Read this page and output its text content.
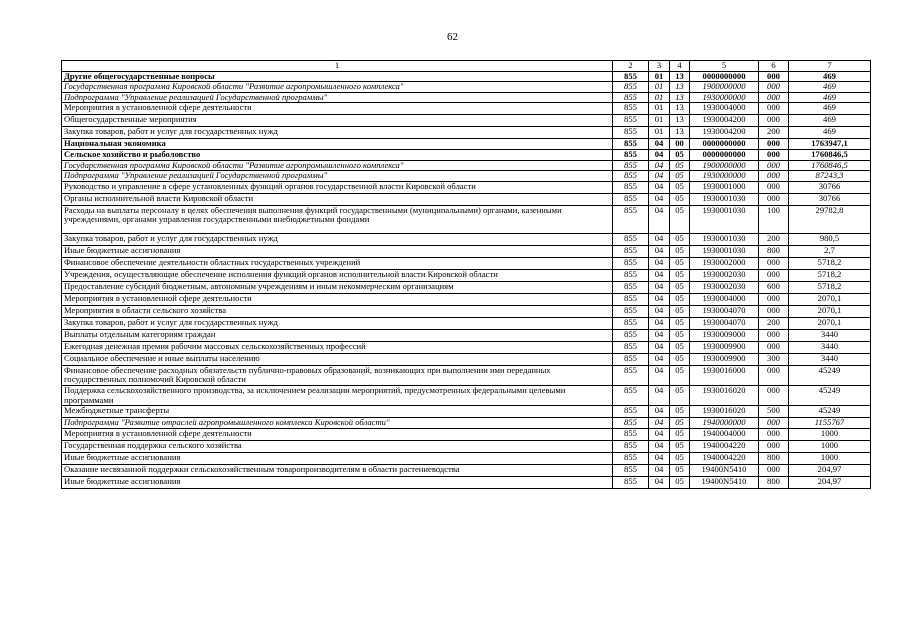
62
1	2	3	4	5	6	7
Другие общегосударственные вопросы	855	01	13	0000000000	000	469
Государственная программа Кировской области "Развитие агропромышленного комплекса"	855	01	13	1900000000	000	469
Подпрограмма "Управление реализацией Государственной программы"	855	01	13	1930000000	000	469
Мероприятия в установленной сфере деятельности	855	01	13	1930004000	000	469
Общегосударственные мероприятия	855	01	13	1930004200	000	469
Закупка товаров, работ и услуг для государственных нужд	855	01	13	1930004200	200	469
Национальная экономика	855	04	00	0000000000	000	1763947,1
Сельское хозяйство и рыболовство	855	04	05	0000000000	000	1760846,5
Государственная программа Кировской области "Развитие агропромышленного комплекса"	855	04	05	1900000000	000	1760846,5
Подпрограмма "Управление реализацией Государственной программы"	855	04	05	1930000000	000	87243,3
Руководство и управление в сфере установленных функций органов государственной власти Кировской области	855	04	05	1930001000	000	30766
Органы исполнительной власти Кировской области	855	04	05	1930001030	000	30766
Расходы на выплаты персоналу в целях обеспечения выполнения функций государственными (муниципальными) органами, казенными учреждениями, органами управления государственными внебюджетными фондами	855	04	05	1930001030	100	29782,8
Закупка товаров, работ и услуг для государственных нужд	855	04	05	1930001030	200	980,5
Иные бюджетные ассигнования	855	04	05	1930001030	800	2,7
Финансовое обеспечение деятельности областных государственных учреждений	855	04	05	1930002000	000	5718,2
Учреждения, осуществляющие обеспечение исполнения функций органов исполнительной власти Кировской области	855	04	05	1930002030	000	5718,2
Предоставление субсидий бюджетным, автономным учреждениям и иным некоммерческим организациям	855	04	05	1930002030	600	5718,2
Мероприятия в установленной сфере деятельности	855	04	05	1930004000	000	2070,1
Мероприятия в области сельского хозяйства	855	04	05	1930004070	000	2070,1
Закупка товаров, работ и услуг для государственных нужд	855	04	05	1930004070	200	2070,1
Выплаты отдельным категориям граждан	855	04	05	1930009000	000	3440
Ежегодная денежная премия рабочим массовых сельскохозяйственных профессий	855	04	05	1930009900	000	3440
Социальное обеспечение и иные выплаты населению	855	04	05	1930009900	300	3440
Финансовое обеспечение расходных обязательств публично-правовых образований, возникающих при выполнении ими переданных государственных полномочий Кировской области	855	04	05	1930016000	000	45249
Поддержка сельскохозяйственного производства, за исключением реализации мероприятий, предусмотренных федеральными целевыми программами	855	04	05	1930016020	000	45249
Межбюджетные трансферты	855	04	05	1930016020	500	45249
Подпрограмма "Развитие отраслей агропромышленного комплекса Кировской области"	855	04	05	1940000000	000	1155767
Мероприятия в установленной сфере деятельности	855	04	05	1940004000	000	1000
Государственная поддержка сельского хозяйства	855	04	05	1940004220	000	1000
Иные бюджетные ассигнования	855	04	05	1940004220	800	1000
Оказание несвязанной поддержки сельскохозяйственным товаропроизводителям в области растениеводства	855	04	05	19400N5410	000	204,97
Иные бюджетные ассигнования	855	04	05	19400N5410	800	204,97
